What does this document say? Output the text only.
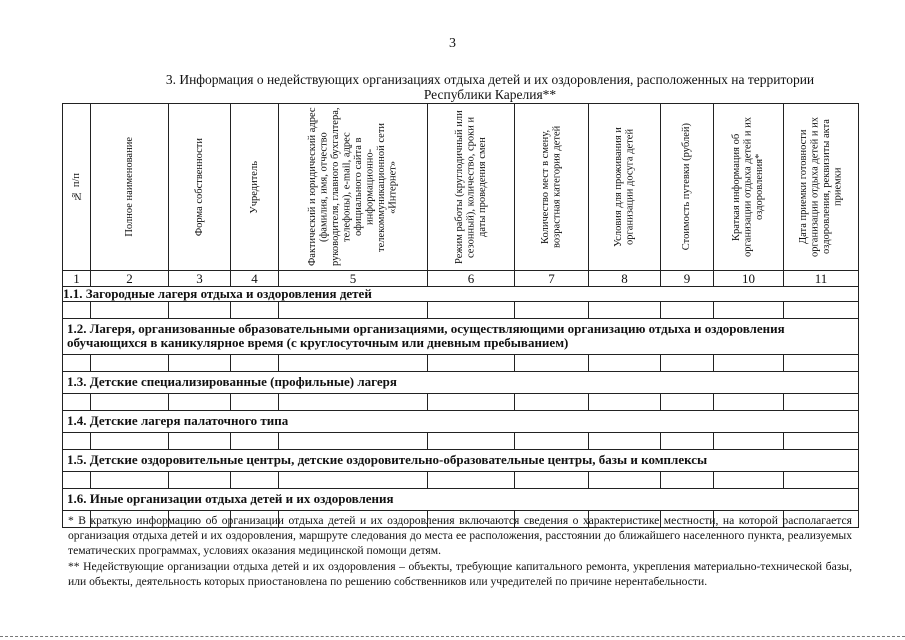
3
3. Информация о недействующих организациях отдыха детей и их оздоровления, расположенных на территории
Республики Карелия**
№ п/п	Полное наименование	Форма собственности	Учредитель	Фактический и юридический адрес (фамилия, имя, отчество руководителя, главного бухгалтера, телефоны), e-mail, адрес официального сайта в информационно-телекоммуникационной сети «Интернет»	Режим работы (круглодичный или сезонный), количество, сроки и даты проведения смен	Количество мест в смену, возрастная категория детей	Условия для проживания и организации досуга детей	Стоимость путевки (рублей)	Краткая информация об организации отдыха детей и их оздоровления*	Дата приемки готовности организации отдыха детей и их оздоровления, реквизиты акта приемки

1	2	3	4	5	6	7	8	9	10	11
1.1. Загородные лагеря отдыха и оздоровления детей										

1.2. Лагеря, организованные образовательными организациями, осуществляющими организацию отдыха и оздоровления обучающихся в каникулярное время (с круглосуточным или дневным пребыванием)										

1.3. Детские специализированные (профильные) лагеря										

1.4. Детские лагеря палаточного типа										

1.5. Детские оздоровительные центры, детские оздоровительно-образовательные центры, базы и комплексы										

1.6. Иные организации отдыха детей и их оздоровления										

* В краткую информацию об организации отдыха детей и их оздоровления включаются сведения о характеристике местности, на которой располагается организация отдыха детей и их оздоровления, маршруте следования до места ее расположения, расстоянии до ближайшего населенного пункта, реализуемых тематических программах, условиях оказания медицинской помощи детям.

** Недействующие организации отдыха детей и их оздоровления – объекты, требующие капитального ремонта, укрепления материально-технической базы, или объекты, деятельность которых приостановлена по решению собственников или учредителей по причине нерентабельности.
